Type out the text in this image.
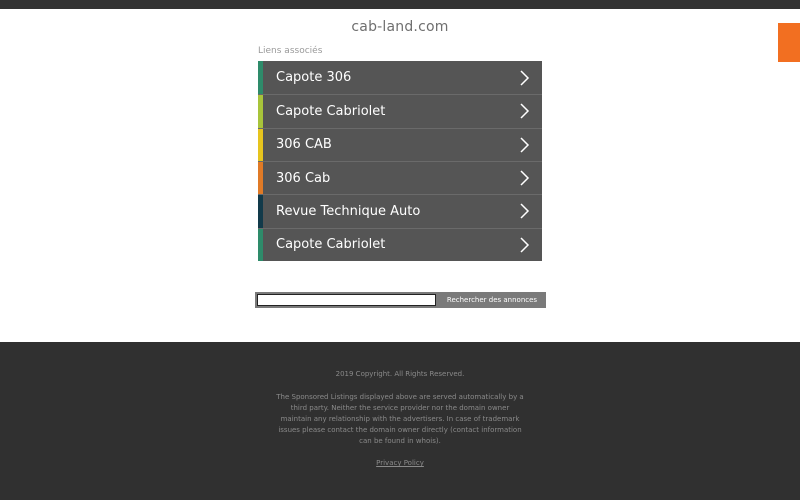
cab-land.com
Liens associés
Capote 306
Capote Cabriolet
306 CAB
306 Cab
Revue Technique Auto
Capote Cabriolet
Rechercher des annonces
2019 Copyright. All Rights Reserved.
The Sponsored Listings displayed above are served automatically by a third party. Neither the service provider nor the domain owner maintain any relationship with the advertisers. In case of trademark issues please contact the domain owner directly (contact information can be found in whois).
Privacy Policy
